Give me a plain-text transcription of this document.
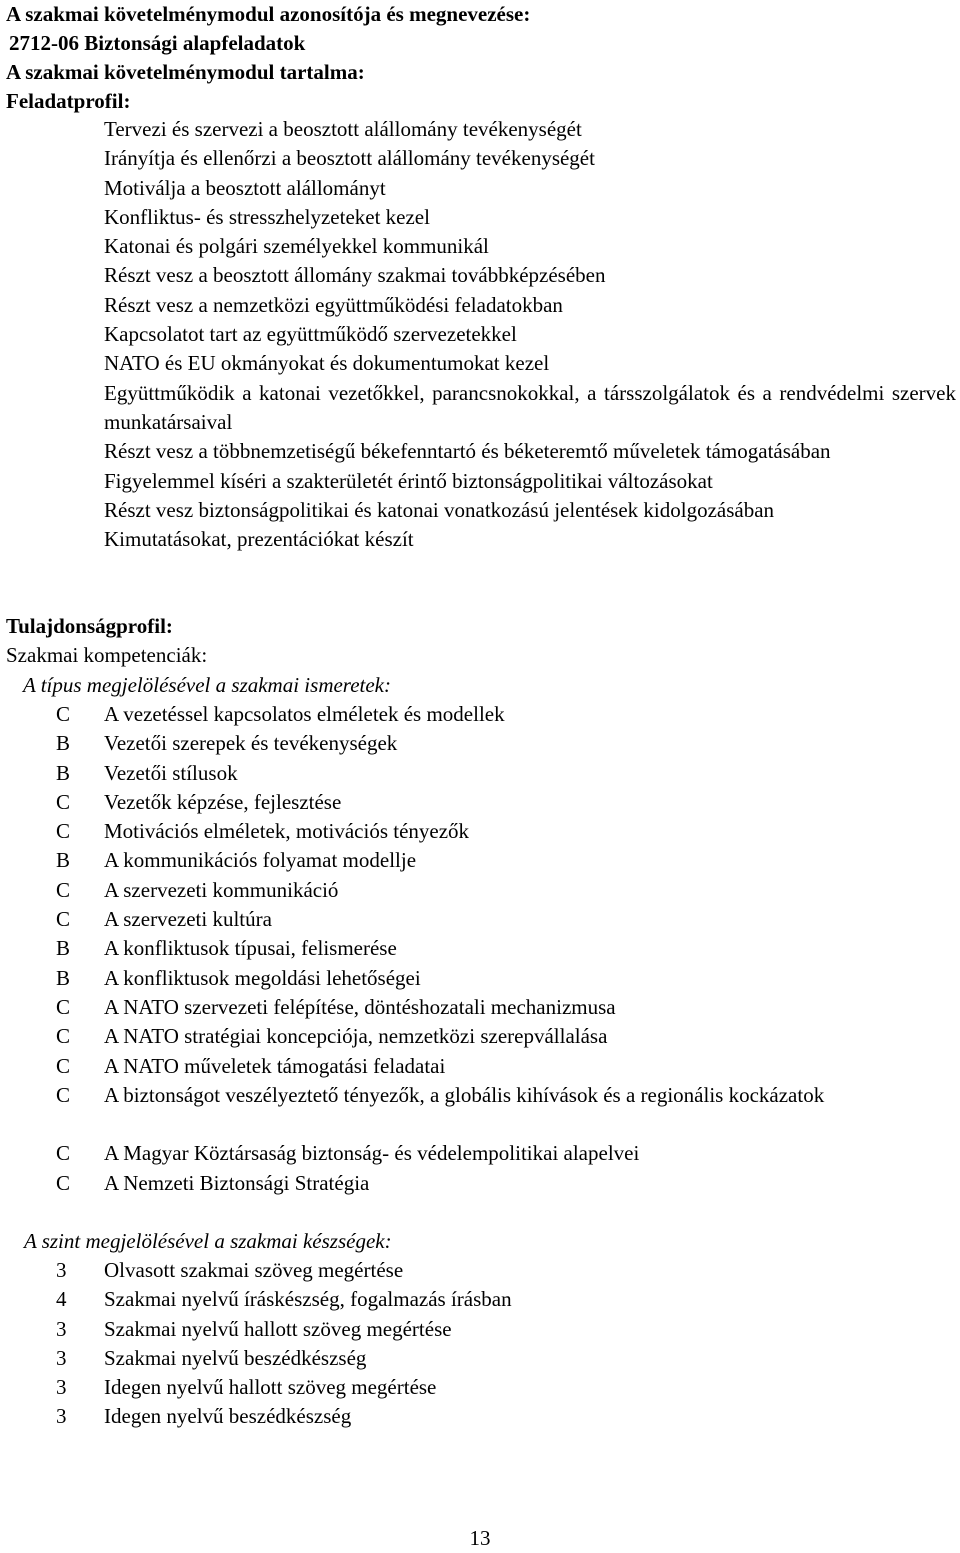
A szakmai követelménymodul azonosítója és megnevezése:
2712-06 Biztonsági alapfeladatok
A szakmai követelménymodul tartalma:
Feladatprofil:
Tervezi és szervezi a beosztott alállomány tevékenységét
Irányítja és ellenőrzi a beosztott alállomány tevékenységét
Motiválja a beosztott alállományt
Konfliktus- és stresszhelyzeteket kezel
Katonai és polgári személyekkel kommunikál
Részt vesz a beosztott állomány szakmai továbbképzésében
Részt vesz a nemzetközi együttműködési feladatokban
Kapcsolatot tart az együttműködő szervezetekkel
NATO és EU okmányokat és dokumentumokat kezel
Együttműködik a katonai vezetőkkel, parancsnokokkal, a társszolgálatok és a rendvédelmi szervek munkatársaival
Részt vesz a többnemzetiségű békefenntartó és béketeremtő műveletek támogatásában
Figyelemmel kíséri a szakterületét érintő biztonságpolitikai változásokat
Részt vesz biztonságpolitikai és katonai vonatkozású jelentések kidolgozásában
Kimutatásokat, prezentációkat készít
Tulajdonságprofil:
Szakmai kompetenciák:
A típus megjelölésével a szakmai ismeretek:
C	A vezetéssel kapcsolatos elméletek és modellek
B	Vezetői szerepek és tevékenységek
B	Vezetői stílusok
C	Vezetők képzése, fejlesztése
C	Motivációs elméletek, motivációs tényezők
B	A kommunikációs folyamat modellje
C	A szervezeti kommunikáció
C	A szervezeti kultúra
B	A konfliktusok típusai, felismerése
B	A konfliktusok megoldási lehetőségei
C	A NATO szervezeti felépítése, döntéshozatali mechanizmusa
C	A NATO stratégiai koncepciója, nemzetközi szerepvállalása
C	A NATO műveletek támogatási feladatai
C	A biztonságot veszélyeztető tényezők, a globális kihívások és a regionális kockázatok
C	A Magyar Köztársaság biztonság- és védelempolitikai alapelvei
C	A Nemzeti Biztonsági Stratégia
A szint megjelölésével a szakmai készségek:
3	Olvasott szakmai szöveg megértése
4	Szakmai nyelvű íráskészség, fogalmazás írásban
3	Szakmai nyelvű hallott szöveg megértése
3	Szakmai nyelvű beszédkészség
3	Idegen nyelvű hallott szöveg megértése
3	Idegen nyelvű beszédkészség
13
